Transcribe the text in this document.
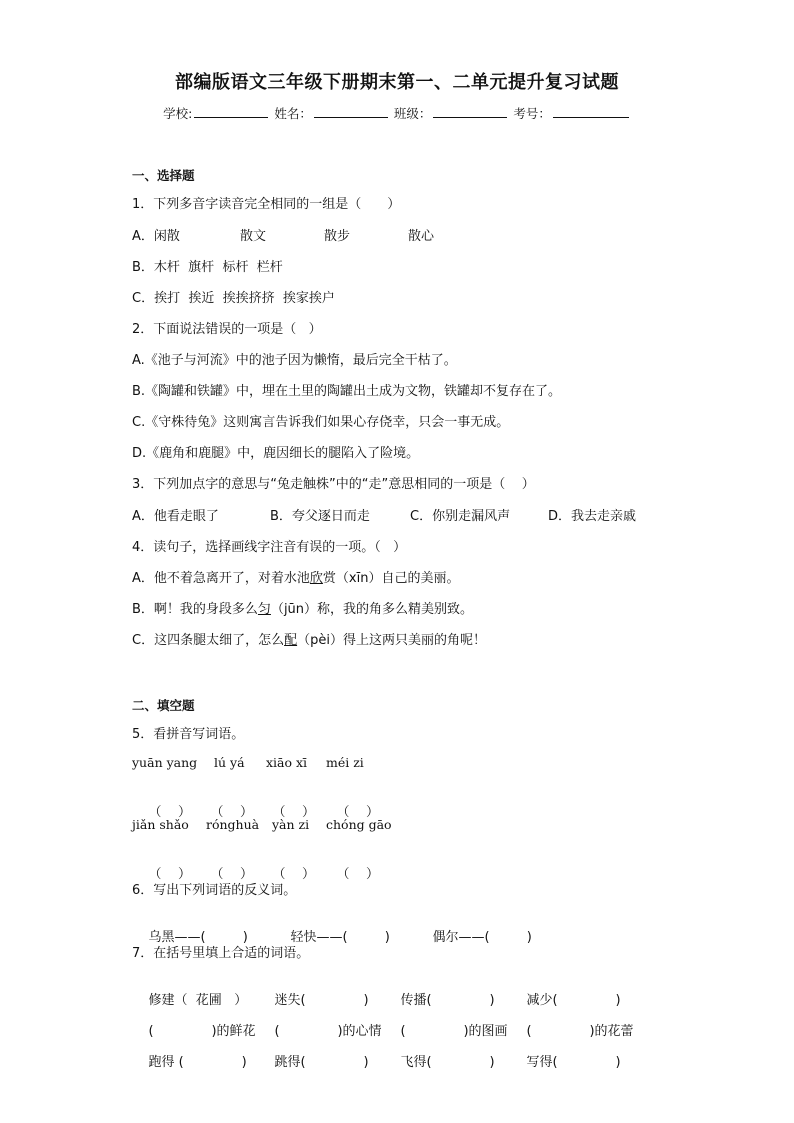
部编版语文三年级下册期末第一、二单元提升复习试题
学校:	姓名：	班级：	考号：
一、选择题
1．下列多音字读音完全相同的一组是（　　）
A．闲散	散文	散步	散心
B．木杆  旗杆  标杆  栏杆
C．挨打  挨近  挨挨挤挤  挨家挨户
2．下面说法错误的一项是（   ）
A.《池子与河流》中的池子因为懒惰，最后完全干枯了。
B.《陶罐和铁罐》中，埋在土里的陶罐出土成为文物，铁罐却不复存在了。
C.《守株待兔》这则寓言告诉我们如果心存侥幸，只会一事无成。
D.《鹿角和鹿腿》中，鹿因细长的腿陷入了险境。
3．下列加点字的意思与“兔走触株”中的“走”意思相同的一项是（    ）
A．他看走眼了	B．夸父逐日而走	C．你别走漏风声	D．我去走亲戚
4．读句子，选择画线字注音有误的一项。（   ）
A．他不着急离开了，对着水池欣赏（xīn）自己的美丽。
B．啊！我的身段多么匀（jūn）称，我的角多么精美别致。
C．这四条腿太细了，怎么配（pèi）得上这两只美丽的角呢！
二、填空题
5．看拼音写词语。
yuān yang lú yá xiāo xī méi zi

（    ） （    ） （    ） （    ）

jiǎn shǎo rónghuà yàn zi chóng gāo

（    ） （    ） （    ） （    ）

6．写出下列词语的反义词。

乌黑——(         )	轻快——(         )	偶尔——(         )

7．在括号里填上合适的词语。

修建（  花圃   ） 迷失(              ) 传播(              ) 减少(              )

(              )的鲜花 (              )的心情 (              )的图画 (              )的花蕾

跑得 (              ) 跳得(              ) 飞得(              ) 写得(              )
